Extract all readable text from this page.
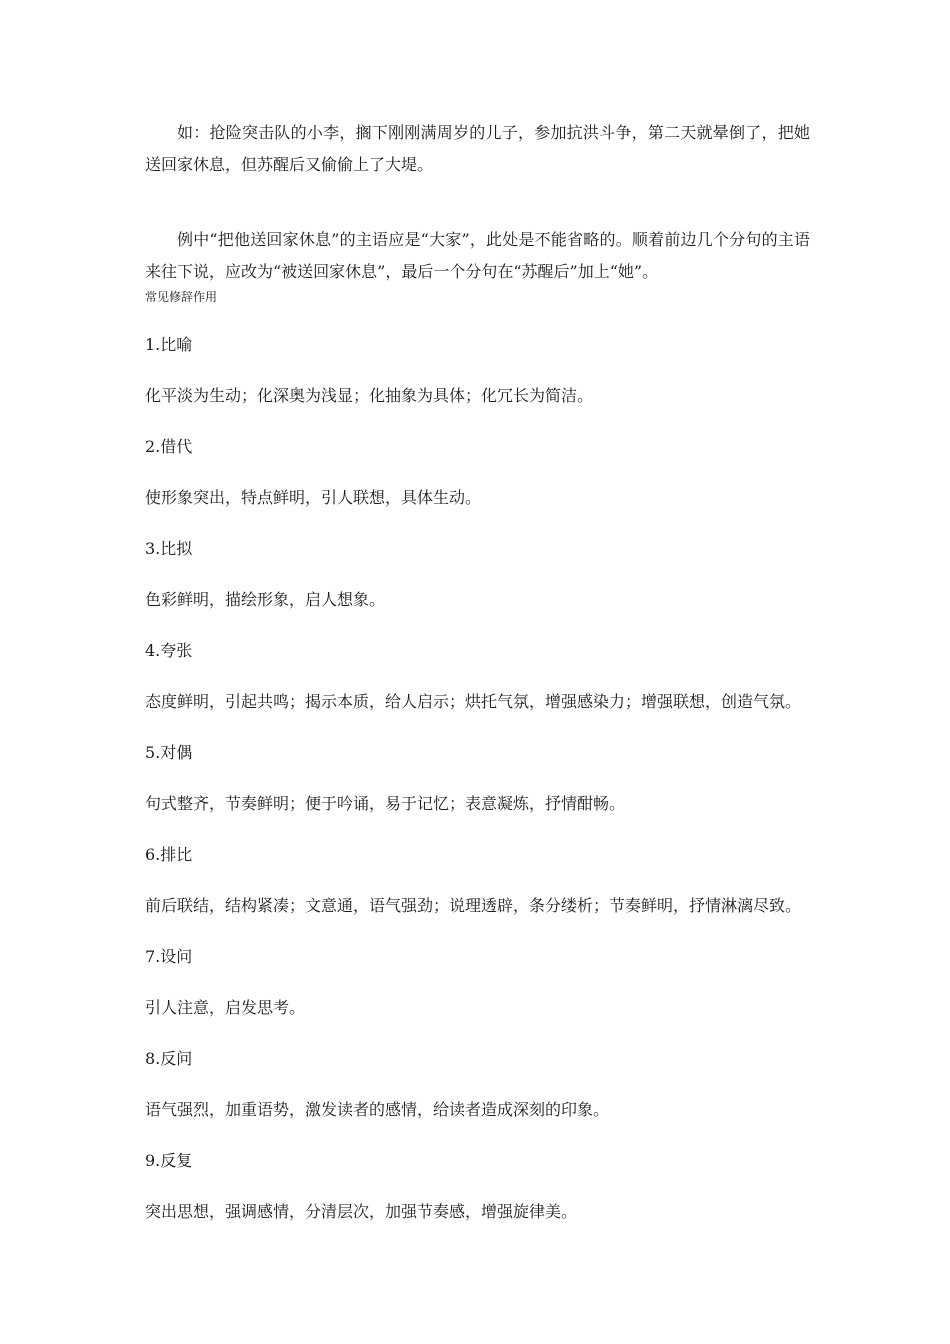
如：抢险突击队的小李，搁下刚刚满周岁的儿子，参加抗洪斗争，第二天就晕倒了，把她送回家休息，但苏醒后又偷偷上了大堤。

例中“把他送回家休息”的主语应是“大家”，此处是不能省略的。顺着前边几个分句的主语来往下说，应改为“被送回家休息”，最后一个分句在“苏醒后”加上“她”。

常见修辞作用

1.比喻

化平淡为生动；化深奥为浅显；化抽象为具体；化冗长为简洁。

2.借代

使形象突出，特点鲜明，引人联想，具体生动。

3.比拟

色彩鲜明，描绘形象，启人想象。

4.夸张

态度鲜明，引起共鸣；揭示本质，给人启示；烘托气氛，增强感染力；增强联想，创造气氛。

5.对偶

句式整齐，节奏鲜明；便于吟诵，易于记忆；表意凝炼，抒情酣畅。

6.排比

前后联结，结构紧凑；文意通，语气强劲；说理透辟，条分缕析；节奏鲜明，抒情淋漓尽致。

7.设问

引人注意，启发思考。

8.反问

语气强烈，加重语势，激发读者的感情，给读者造成深刻的印象。

9.反复

突出思想，强调感情，分清层次，加强节奏感，增强旋律美。
